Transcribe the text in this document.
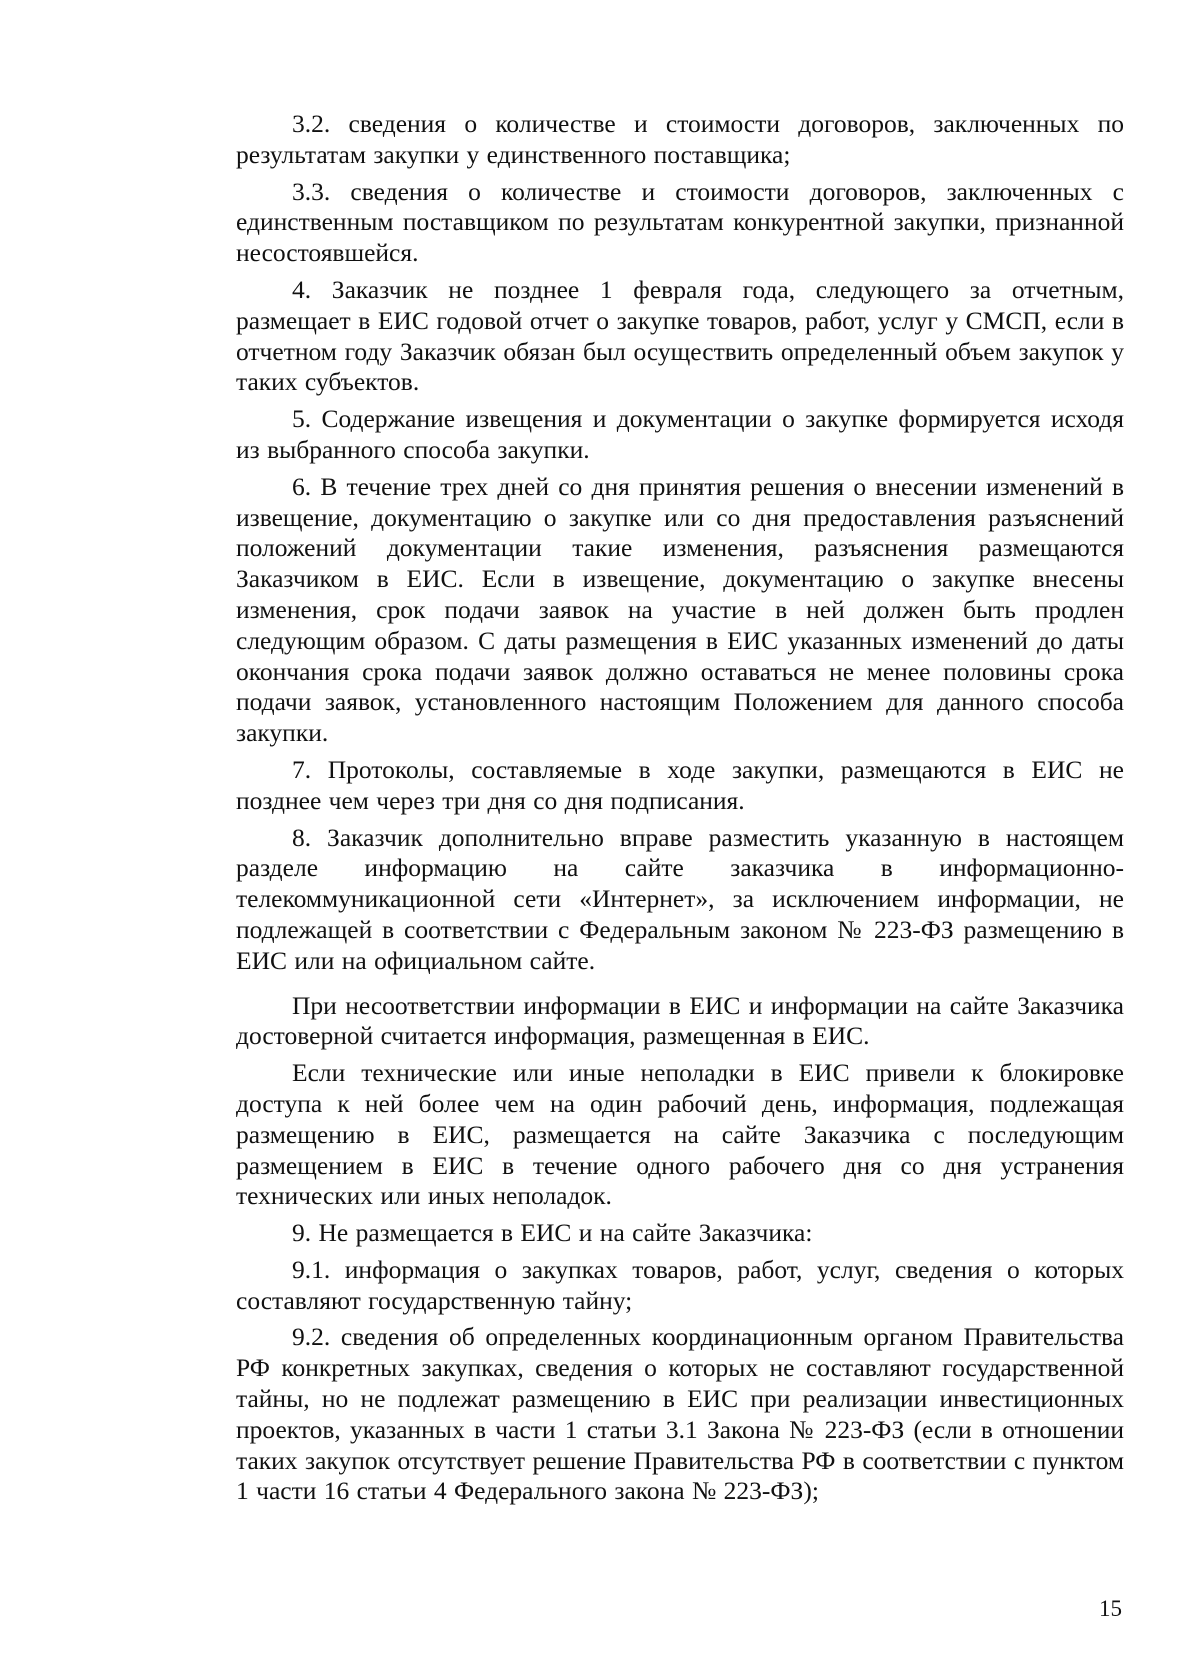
3.2. сведения о количестве и стоимости договоров, заключенных по результатам закупки у единственного поставщика;

3.3. сведения о количестве и стоимости договоров, заключенных с единственным поставщиком по результатам конкурентной закупки, признанной несостоявшейся.

4. Заказчик не позднее 1 февраля года, следующего за отчетным, размещает в ЕИС годовой отчет о закупке товаров, работ, услуг у СМСП, если в отчетном году Заказчик обязан был осуществить определенный объем закупок у таких субъектов.

5. Содержание извещения и документации о закупке формируется исходя из выбранного способа закупки.

6. В течение трех дней со дня принятия решения о внесении изменений в извещение, документацию о закупке или со дня предоставления разъяснений положений документации такие изменения, разъяснения размещаются Заказчиком в ЕИС. Если в извещение, документацию о закупке внесены изменения, срок подачи заявок на участие в ней должен быть продлен следующим образом. С даты размещения в ЕИС указанных изменений до даты окончания срока подачи заявок должно оставаться не менее половины срока подачи заявок, установленного настоящим Положением для данного способа закупки.

7. Протоколы, составляемые в ходе закупки, размещаются в ЕИС не позднее чем через три дня со дня подписания.

8. Заказчик дополнительно вправе разместить указанную в настоящем разделе информацию на сайте заказчика в информационно-телекоммуникационной сети «Интернет», за исключением информации, не подлежащей в соответствии с Федеральным законом № 223-ФЗ размещению в ЕИС или на официальном сайте.

При несоответствии информации в ЕИС и информации на сайте Заказчика достоверной считается информация, размещенная в ЕИС.

Если технические или иные неполадки в ЕИС привели к блокировке доступа к ней более чем на один рабочий день, информация, подлежащая размещению в ЕИС, размещается на сайте Заказчика с последующим размещением в ЕИС в течение одного рабочего дня со дня устранения технических или иных неполадок.

9. Не размещается в ЕИС и на сайте Заказчика:

9.1. информация о закупках товаров, работ, услуг, сведения о которых составляют государственную тайну;

9.2. сведения об определенных координационным органом Правительства РФ конкретных закупках, сведения о которых не составляют государственной тайны, но не подлежат размещению в ЕИС при реализации инвестиционных проектов, указанных в части 1 статьи 3.1 Закона № 223-ФЗ (если в отношении таких закупок отсутствует решение Правительства РФ в соответствии с пунктом 1 части 16 статьи 4 Федерального закона № 223-ФЗ);

15
